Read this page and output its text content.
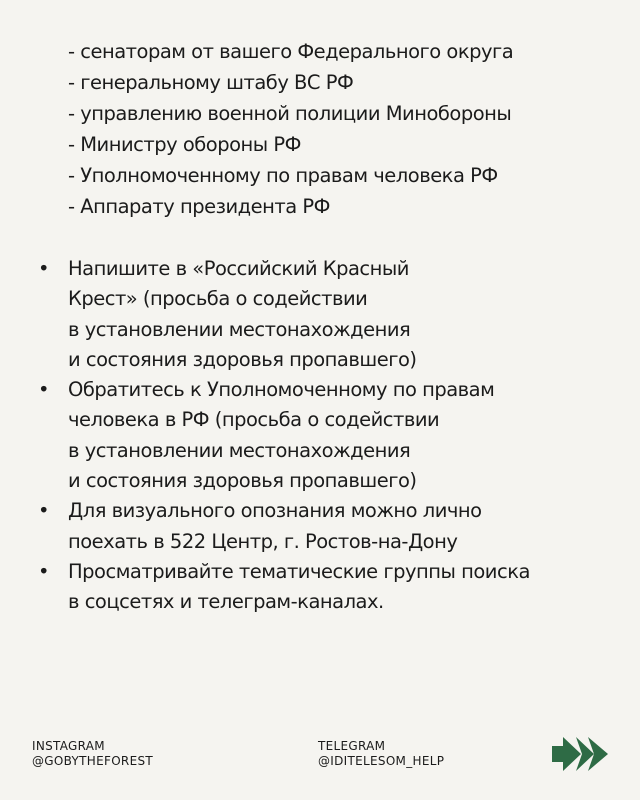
- сенаторам от вашего Федерального округа
- генеральному штабу ВС РФ
- управлению военной полиции Минобороны
- Министру обороны РФ
- Уполномоченному по правам человека РФ
- Аппарату президента РФ
• Напишите в «Российский Красный
Крест» (просьба о содействии
в установлении местонахождения
и состояния здоровья пропавшего)
• Обратитесь к Уполномоченному по правам
человека в РФ (просьба о содействии
в установлении местонахождения
и состояния здоровья пропавшего)
• Для визуального опознания можно лично
поехать в 522 Центр, г. Ростов-на-Дону
• Просматривайте тематические группы поиска
в соцсетях и телеграм-каналах.
INSTAGRAM
@GOBYTHEFOREST
TELEGRAM
@IDITELESOM_HELP
